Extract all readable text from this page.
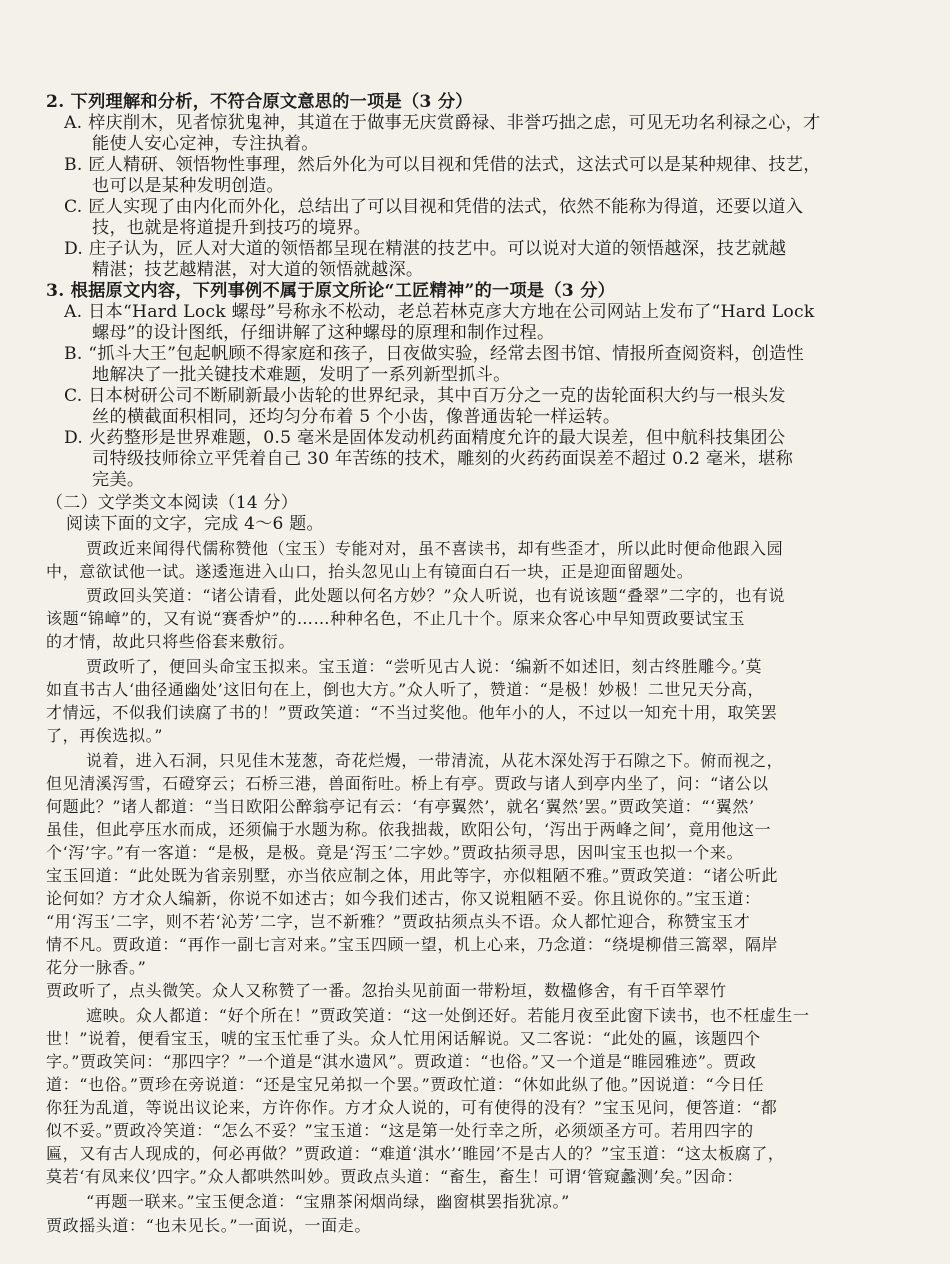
2. 下列理解和分析，不符合原文意思的一项是（3 分）
A. 梓庆削木，见者惊犹鬼神，其道在于做事无庆赏爵禄、非誉巧拙之虑，可见无功名利禄之心，才
能使人安心定神，专注执着。
B. 匠人精研、领悟物性事理，然后外化为可以目视和凭借的法式，这法式可以是某种规律、技艺，
也可以是某种发明创造。
C. 匠人实现了由内化而外化，总结出了可以目视和凭借的法式，依然不能称为得道，还要以道入
技，也就是将道提升到技巧的境界。
D. 庄子认为，匠人对大道的领悟都呈现在精湛的技艺中。可以说对大道的领悟越深，技艺就越
精湛；技艺越精湛，对大道的领悟就越深。
3. 根据原文内容，下列事例不属于原文所论“工匠精神”的一项是（3 分）
A. 日本“Hard Lock 螺母”号称永不松动，老总若林克彦大方地在公司网站上发布了“Hard Lock
螺母”的设计图纸，仔细讲解了这种螺母的原理和制作过程。
B. “抓斗大王”包起帆顾不得家庭和孩子，日夜做实验，经常去图书馆、情报所查阅资料，创造性
地解决了一批关键技术难题，发明了一系列新型抓斗。
C. 日本树研公司不断刷新最小齿轮的世界纪录，其中百万分之一克的齿轮面积大约与一根头发
丝的横截面积相同，还均匀分布着 5 个小齿，像普通齿轮一样运转。
D. 火药整形是世界难题，0.5 毫米是固体发动机药面精度允许的最大误差，但中航科技集团公
司特级技师徐立平凭着自己 30 年苦练的技术，雕刻的火药药面误差不超过 0.2 毫米，堪称
完美。
（二）文学类文本阅读（14 分）
阅读下面的文字，完成 4～6 题。
贾政近来闻得代儒称赞他（宝玉）专能对对，虽不喜读书，却有些歪才，所以此时便命他跟入园
中，意欲试他一试。遂逶迤进入山口，抬头忽见山上有镜面白石一块，正是迎面留题处。
贾政回头笑道：“诸公请看，此处题以何名方妙？”众人听说，也有说该题“叠翠”二字的，也有说
该题“锦嶂”的，又有说“赛香炉”的……种种名色，不止几十个。原来众客心中早知贾政要试宝玉
的才情，故此只将些俗套来敷衍。
贾政听了，便回头命宝玉拟来。宝玉道：“尝听见古人说：‘编新不如述旧，刻古终胜雕今。’莫
如直书古人‘曲径通幽处’这旧句在上，倒也大方。”众人听了，赞道：“是极！妙极！二世兄天分高，
才情远，不似我们读腐了书的！”贾政笑道：“不当过奖他。他年小的人，不过以一知充十用，取笑罢
了，再俟选拟。”
说着，进入石洞，只见佳木茏葱，奇花烂熳，一带清流，从花木深处泻于石隙之下。俯而视之，
但见清溪泻雪，石磴穿云；石桥三港，兽面衔吐。桥上有亭。贾政与诸人到亭内坐了，问：“诸公以
何题此？”诸人都道：“当日欧阳公醉翁亭记有云：‘有亭翼然’，就名‘翼然’罢。”贾政笑道：“‘翼然’
虽佳，但此亭压水而成，还须偏于水题为称。依我拙裁，欧阳公句，‘泻出于两峰之间’，竟用他这一
个‘泻’字。”有一客道：“是极，是极。竟是‘泻玉’二字妙。”贾政拈须寻思，因叫宝玉也拟一个来。
宝玉回道：“此处既为省亲别墅，亦当依应制之体，用此等字，亦似粗陋不雅。”贾政笑道：“诸公听此
论何如？方才众人编新，你说不如述古；如今我们述古，你又说粗陋不妥。你且说你的。”宝玉道：
“用‘泻玉’二字，则不若‘沁芳’二字，岂不新雅？”贾政拈须点头不语。众人都忙迎合，称赞宝玉才
情不凡。贾政道：“再作一副七言对来。”宝玉四顾一望，机上心来，乃念道：“绕堤柳借三篙翠，隔岸
花分一脉香。”
贾政听了，点头微笑。众人又称赞了一番。忽抬头见前面一带粉垣，数楹修舍，有千百竿翠竹
遮映。众人都道：“好个所在！”贾政笑道：“这一处倒还好。若能月夜至此窗下读书，也不枉虚生一
世！”说着，便看宝玉，唬的宝玉忙垂了头。众人忙用闲话解说。又二客说：“此处的匾，该题四个
字。”贾政笑问：“那四字？”一个道是“淇水遗风”。贾政道：“也俗。”又一个道是“睢园雅迹”。贾政
道：“也俗。”贾珍在旁说道：“还是宝兄弟拟一个罢。”贾政忙道：“休如此纵了他。”因说道：“今日任
你狂为乱道，等说出议论来，方许你作。方才众人说的，可有使得的没有？”宝玉见问，便答道：“都
似不妥。”贾政冷笑道：“怎么不妥？”宝玉道：“这是第一处行幸之所，必须颂圣方可。若用四字的
匾，又有古人现成的，何必再做？”贾政道：“难道‘淇水’‘睢园’不是古人的？”宝玉道：“这太板腐了，
莫若‘有凤来仪’四字。”众人都哄然叫妙。贾政点头道：“畜生，畜生！可谓‘管窥蠡测’矣。”因命：
“再题一联来。”宝玉便念道：“宝鼎茶闲烟尚绿，幽窗棋罢指犹凉。”
贾政摇头道：“也未见长。”一面说，一面走。
